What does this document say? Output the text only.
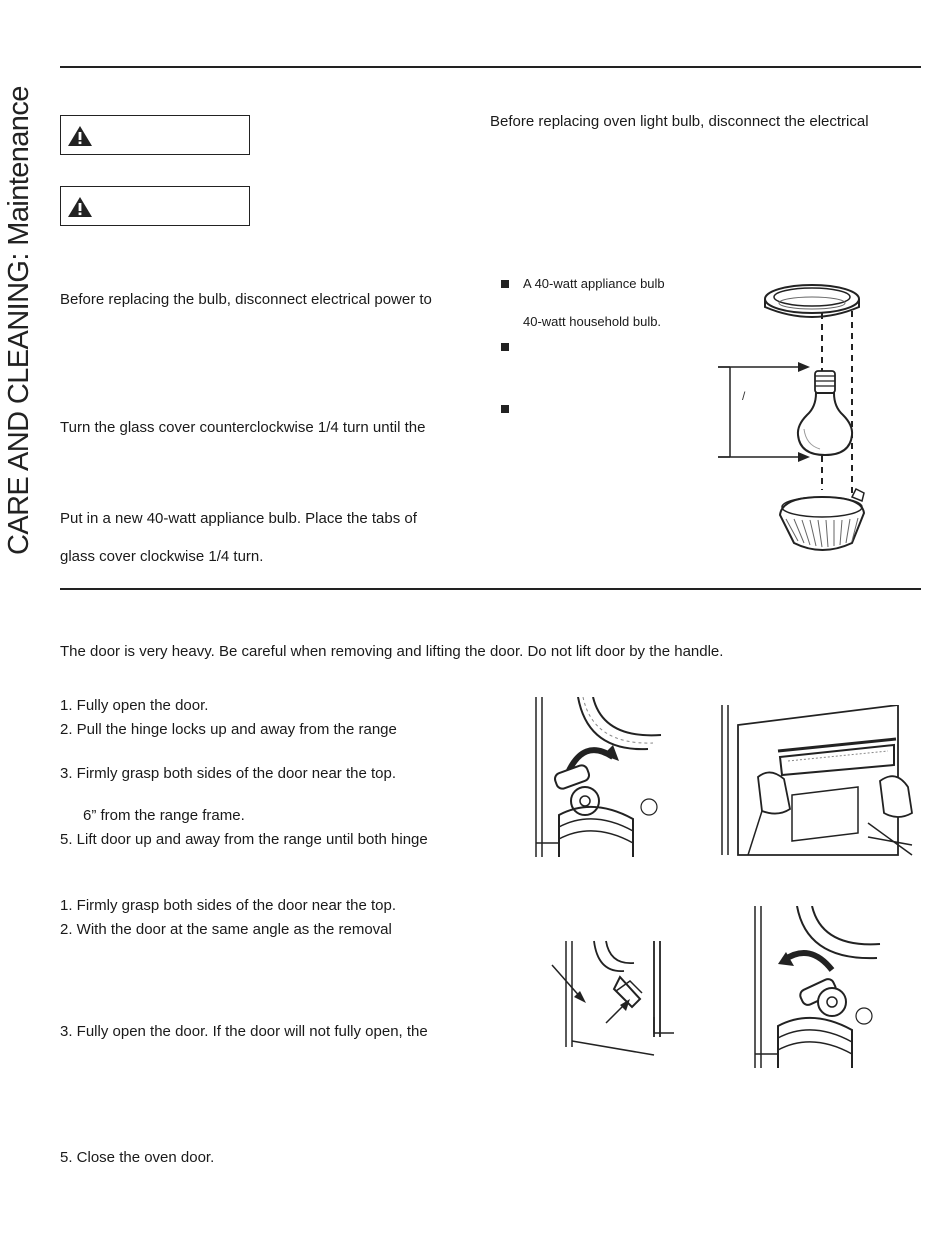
CARE AND CLEANING: Maintenance	Before replacing oven light bulb, disconnect the electrical
Before replacing the bulb, disconnect electrical power to
Turn the glass cover counterclockwise 1/4 turn until the
Put in a new 40-watt appliance bulb. Place the tabs of
glass cover clockwise 1/4 turn.
A 40-watt appliance bulb
40-watt household bulb.
/
The door is very heavy. Be careful when removing and lifting the door. Do not lift door by the handle.
1. Fully open the door.
2. Pull the hinge locks up and away from the range
3. Firmly grasp both sides of the door near the top.
6” from the range frame.
5. Lift door up and away from the range until both hinge
1. Firmly grasp both sides of the door near the top.
2. With the door at the same angle as the removal
3. Fully open the door. If the door will not fully open, the
5. Close the oven door.
